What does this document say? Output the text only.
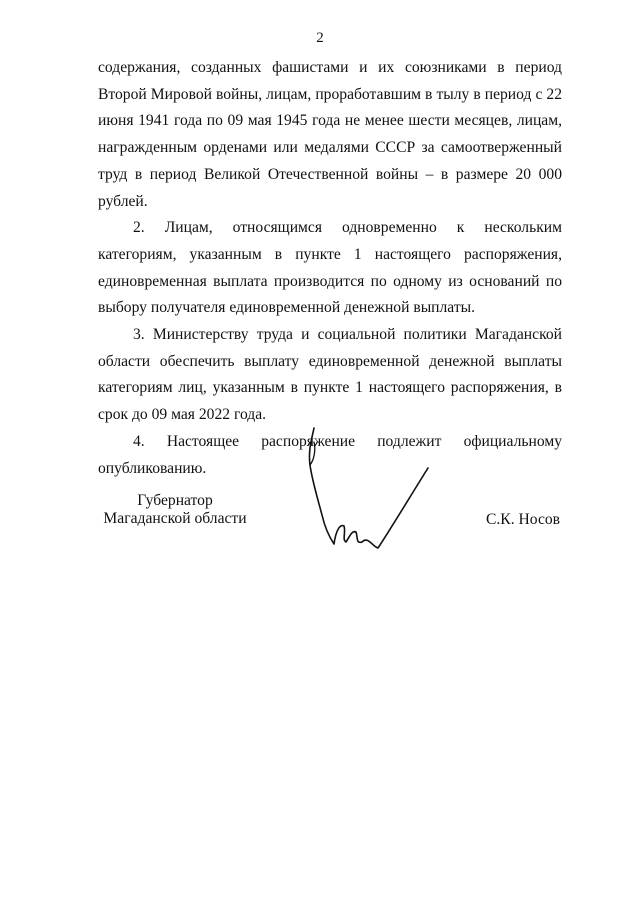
2

содержания, созданных фашистами и их союзниками в период Второй Мировой войны, лицам, проработавшим в тылу в период с 22 июня 1941 года по 09 мая 1945 года не менее шести месяцев, лицам, награжденным орденами или медалями СССР за самоотверженный труд в период Великой Отечественной войны – в размере 20 000 рублей.

2. Лицам, относящимся одновременно к нескольким категориям, указанным в пункте 1 настоящего распоряжения, единовременная выплата производится по одному из оснований по выбору получателя единовременной денежной выплаты.

3. Министерству труда и социальной политики Магаданской области обеспечить выплату единовременной денежной выплаты категориям лиц, указанным в пункте 1 настоящего распоряжения, в срок до 09 мая 2022 года.

4. Настоящее распоряжение подлежит официальному опубликованию.

Губернатор
Магаданской области	С.К. Носов
